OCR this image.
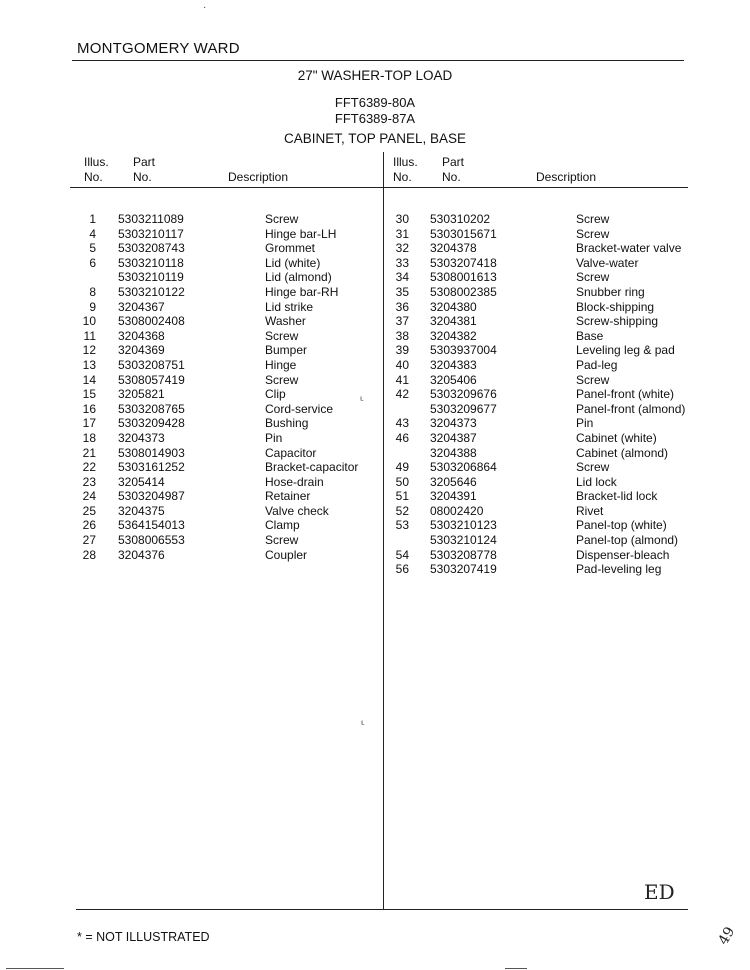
MONTGOMERY WARD
27" WASHER-TOP LOAD
FFT6389-80A
FFT6389-87A
CABINET, TOP PANEL, BASE
Illus.
No.
Part
No.	Description
Illus.
No.
Part
No.	Description
1 5303211089	Screw
4 5303210117	Hinge bar-LH
5 5303208743	Grommet
6 5303210118	Lid (white)
5303210119	Lid (almond)
8 5303210122	Hinge bar-RH
9 3204367	Lid strike
10 5308002408	Washer
11 3204368	Screw
12 3204369	Bumper
13 5303208751	Hinge
14 5308057419	Screw
15 3205821	Clip
16 5303208765	Cord-service
17 5303209428	Bushing
18 3204373	Pin
21 5308014903	Capacitor
22 5303161252	Bracket-capacitor
23 3205414	Hose-drain
24 5303204987	Retainer
25 3204375	Valve check
26 5364154013	Clamp
27 5308006553	Screw
28 3204376	Coupler
30 530310202	Screw
31 5303015671	Screw
32 3204378	Bracket-water valve
33 5303207418	Valve-water
34 5308001613	Screw
35 5308002385	Snubber ring
36 3204380	Block-shipping
37 3204381	Screw-shipping
38 3204382	Base
39 5303937004	Leveling leg & pad
40 3204383	Pad-leg
41 3205406	Screw
42 5303209676	Panel-front (white)
5303209677	Panel-front (almond)
43 3204373	Pin
46 3204387	Cabinet (white)
3204388	Cabinet (almond)
49 5303206864	Screw
50 3205646	Lid lock
51 3204391	Bracket-lid lock
52 08002420	Rivet
53 5303210123	Panel-top (white)
5303210124	Panel-top (almond)
54 5303208778	Dispenser-bleach
56 5303207419	Pad-leveling leg
* = NOT ILLUSTRATED
ED
49
·
ᒻ
ᒻ
